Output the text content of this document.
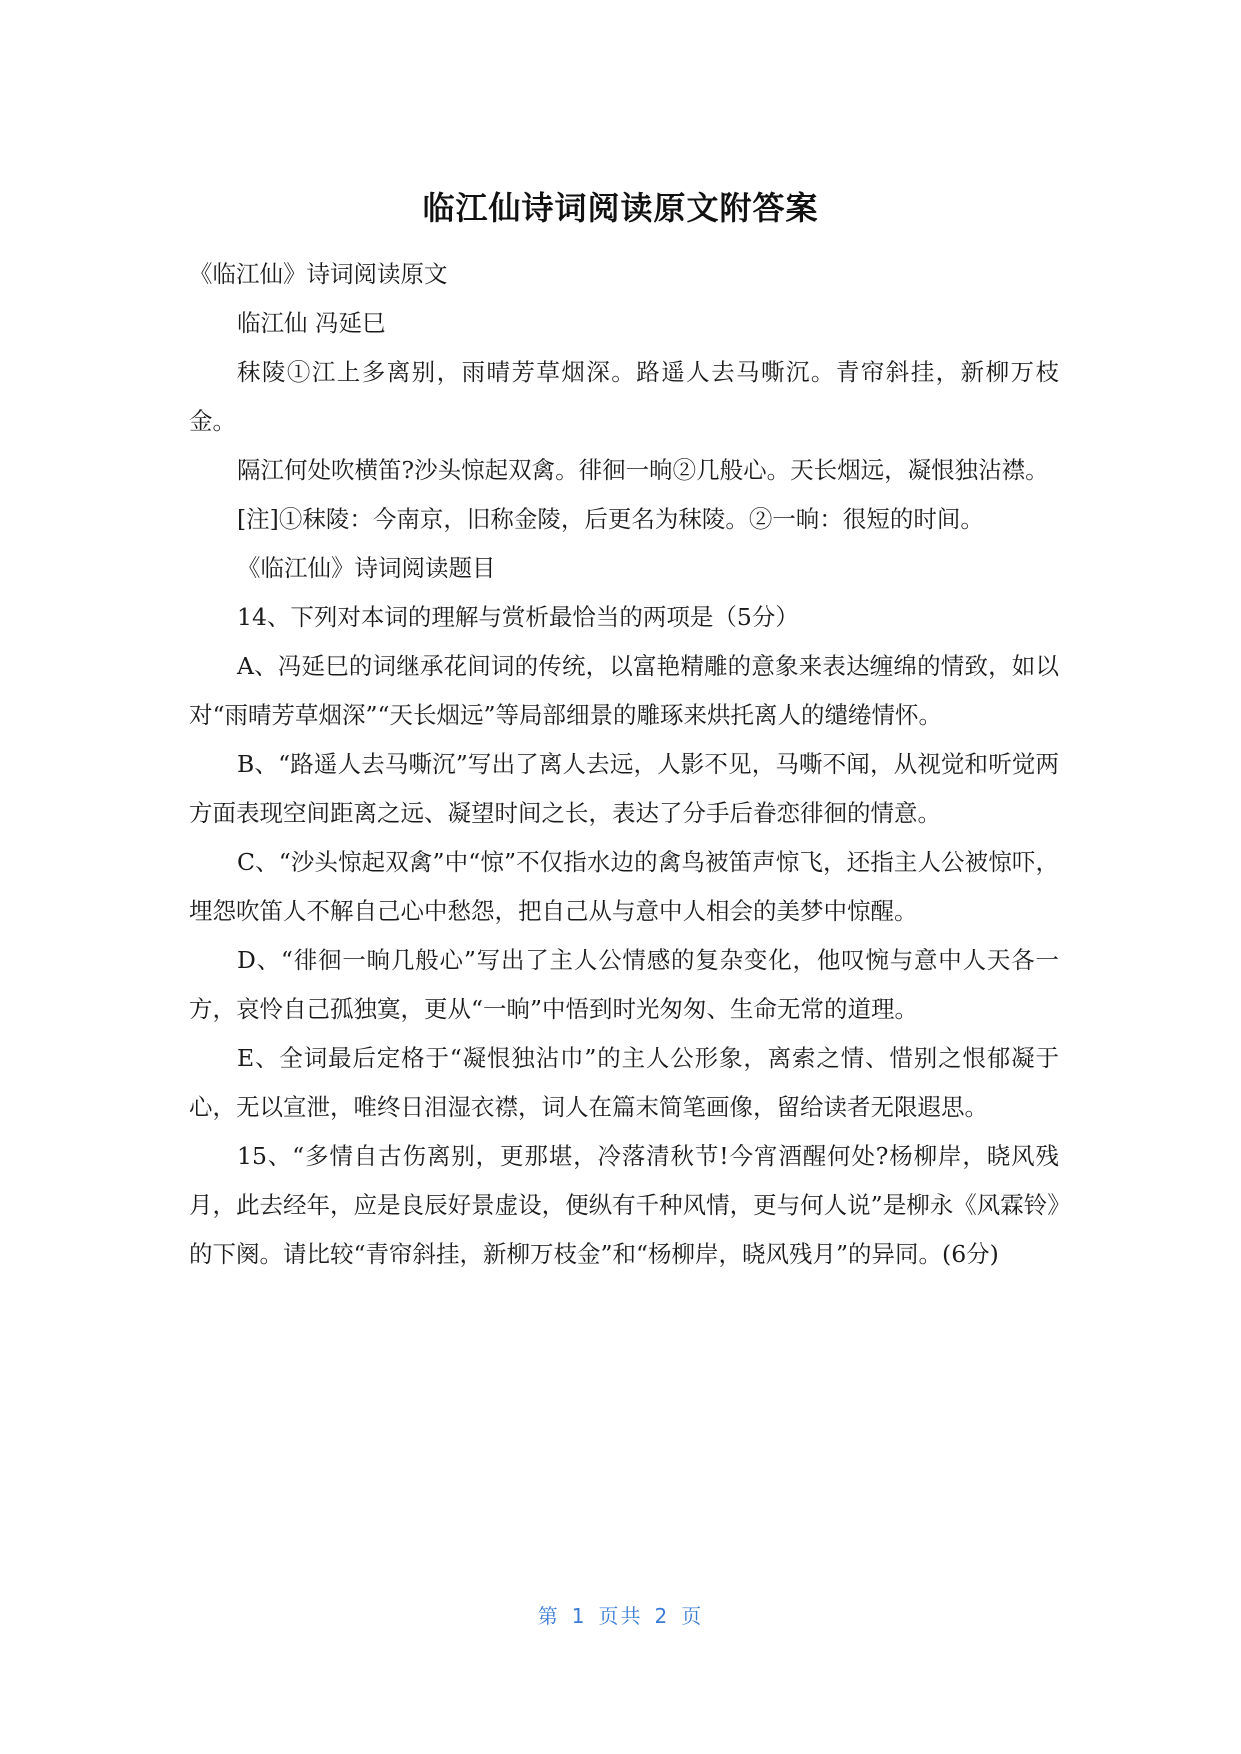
临江仙诗词阅读原文附答案

《临江仙》诗词阅读原文

临江仙 冯延巳

秣陵①江上多离别，雨晴芳草烟深。路遥人去马嘶沉。青帘斜挂，新柳万枝金。

隔江何处吹横笛?沙头惊起双禽。徘徊一晌②几般心。天长烟远，凝恨独沾襟。

[注]①秣陵：今南京，旧称金陵，后更名为秣陵。②一晌：很短的时间。

《临江仙》诗词阅读题目

14、下列对本词的理解与赏析最恰当的两项是（5分）

A、冯延巳的词继承花间词的传统，以富艳精雕的意象来表达缠绵的情致，如以对“雨晴芳草烟深”“天长烟远”等局部细景的雕琢来烘托离人的缱绻情怀。

B、“路遥人去马嘶沉”写出了离人去远，人影不见，马嘶不闻，从视觉和听觉两方面表现空间距离之远、凝望时间之长，表达了分手后眷恋徘徊的情意。

C、“沙头惊起双禽”中“惊”不仅指水边的禽鸟被笛声惊飞，还指主人公被惊吓，埋怨吹笛人不解自己心中愁怨，把自己从与意中人相会的美梦中惊醒。

D、“徘徊一晌几般心”写出了主人公情感的复杂变化，他叹惋与意中人天各一方，哀怜自己孤独寞，更从“一晌”中悟到时光匆匆、生命无常的道理。

E、全词最后定格于“凝恨独沾巾”的主人公形象，离索之情、惜别之恨郁凝于心，无以宣泄，唯终日泪湿衣襟，词人在篇末简笔画像，留给读者无限遐思。

15、“多情自古伤离别，更那堪，冷落清秋节!今宵酒醒何处?杨柳岸，晓风残月，此去经年，应是良辰好景虚设，便纵有千种风情，更与何人说”是柳永《风霖铃》的下阕。请比较“青帘斜挂，新柳万枝金”和“杨柳岸，晓风残月”的异同。(6分)

第 1 页共 2 页
